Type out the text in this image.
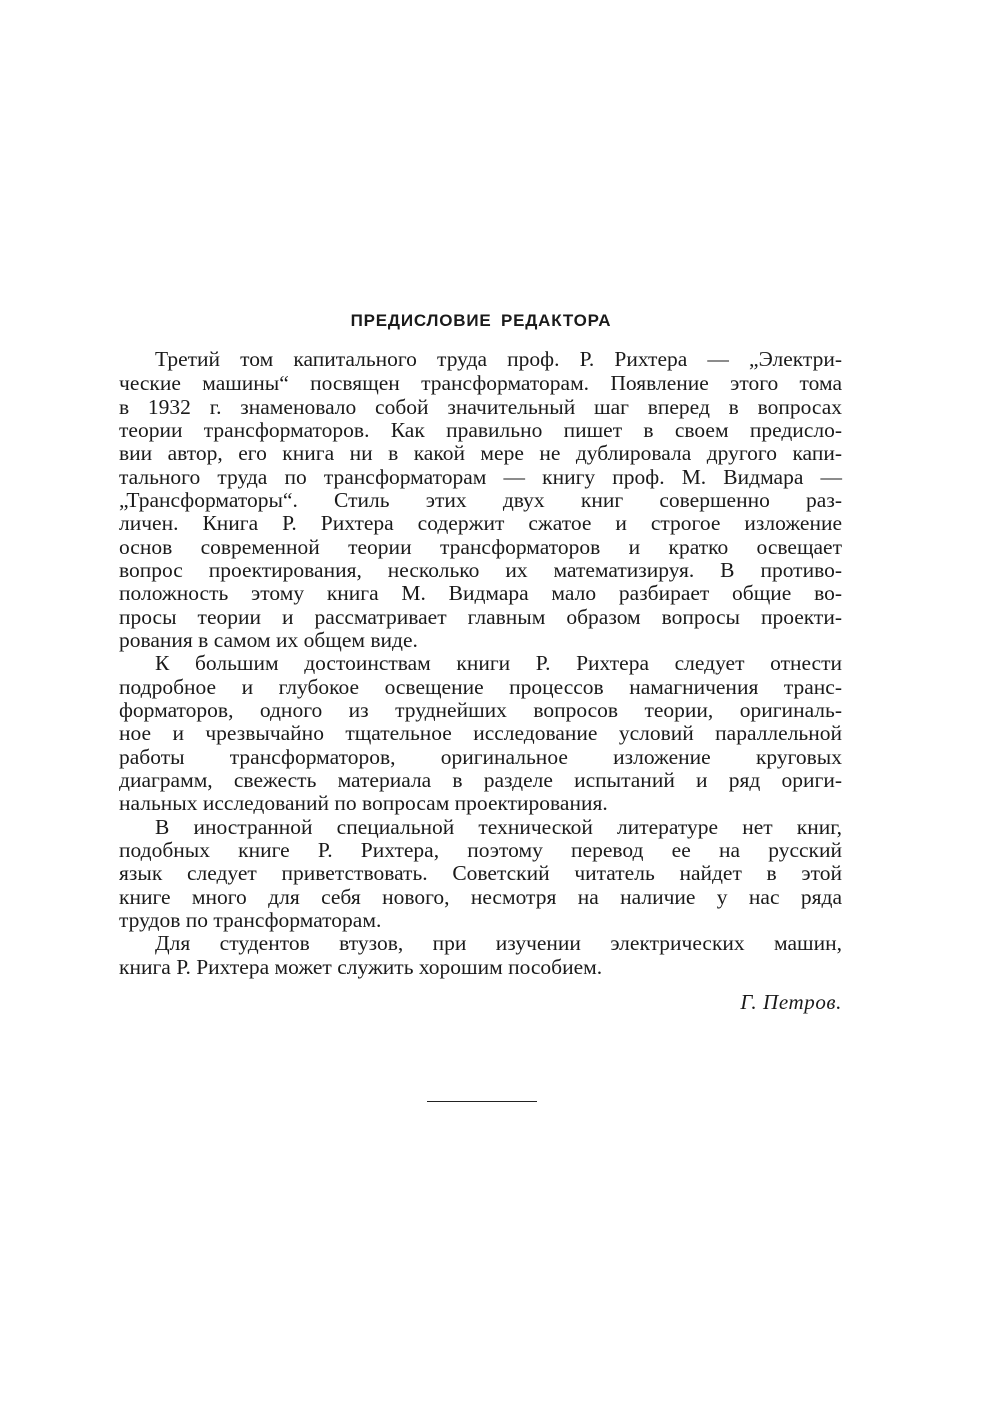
ПРЕДИСЛОВИЕ РЕДАКТОРА

Третий том капитального труда проф. Р. Рихтера — „Электри-

ческие машины“ посвящен трансформаторам. Появление этого тома

в 1932 г. знаменовало собой значительный шаг вперед в вопросах

теории трансформаторов. Как правильно пишет в своем предисло-

вии автор, его книга ни в какой мере не дублировала другого капи-

тального труда по трансформаторам — книгу проф. М. Видмара —

„Трансформаторы“. Стиль этих двух книг совершенно раз-

личен. Книга Р. Рихтера содержит сжатое и строгое изложение

основ современной теории трансформаторов и кратко освещает

вопрос проектирования, несколько их математизируя. В противо-

положность этому книга М. Видмара мало разбирает общие во-

просы теории и рассматривает главным образом вопросы проекти-

рования в самом их общем виде.

К большим достоинствам книги Р. Рихтера следует отнести

подробное и глубокое освещение процессов намагничения транс-

форматоров, одного из труднейших вопросов теории, оригиналь-

ное и чрезвычайно тщательное исследование условий параллельной

работы трансформаторов, оригинальное изложение круговых

диаграмм, свежесть материала в разделе испытаний и ряд ориги-

нальных исследований по вопросам проектирования.

В иностранной специальной технической литературе нет книг,

подобных книге Р. Рихтера, поэтому перевод ее на русский

язык следует приветствовать. Советский читатель найдет в этой

книге много для себя нового, несмотря на наличие у нас ряда

трудов по трансформаторам.

Для студентов втузов, при изучении электрических машин,

книга Р. Рихтера может служить хорошим пособием.

Г. Петров.
